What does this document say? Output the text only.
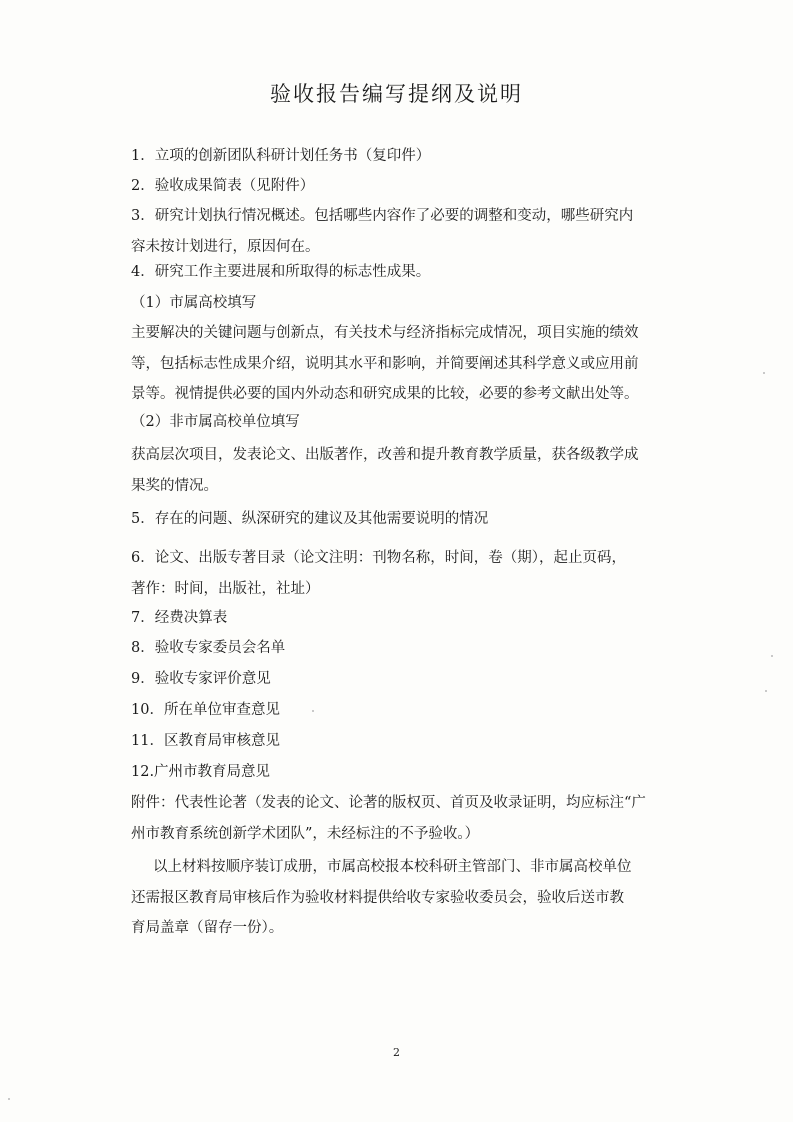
验收报告编写提纲及说明
1．立项的创新团队科研计划任务书（复印件）
2．验收成果简表（见附件）
3．研究计划执行情况概述。包括哪些内容作了必要的调整和变动，哪些研究内
容未按计划进行，原因何在。
4．研究工作主要进展和所取得的标志性成果。
（1）市属高校填写
主要解决的关键问题与创新点，有关技术与经济指标完成情况，项目实施的绩效
等，包括标志性成果介绍，说明其水平和影响，并简要阐述其科学意义或应用前
景等。视情提供必要的国内外动态和研究成果的比较，必要的参考文献出处等。
（2）非市属高校单位填写
获高层次项目，发表论文、出版著作，改善和提升教育教学质量，获各级教学成
果奖的情况。
5．存在的问题、纵深研究的建议及其他需要说明的情况
6．论文、出版专著目录（论文注明：刊物名称，时间，卷（期），起止页码，
著作：时间，出版社，社址）
7．经费决算表
8．验收专家委员会名单
9．验收专家评价意见
10．所在单位审查意见
11．区教育局审核意见
12.广州市教育局意见
附件：代表性论著（发表的论文、论著的版权页、首页及收录证明，均应标注“广
州市教育系统创新学术团队”，未经标注的不予验收。）
以上材料按顺序装订成册，市属高校报本校科研主管部门、非市属高校单位
还需报区教育局审核后作为验收材料提供给收专家验收委员会，验收后送市教
育局盖章（留存一份）。
2
